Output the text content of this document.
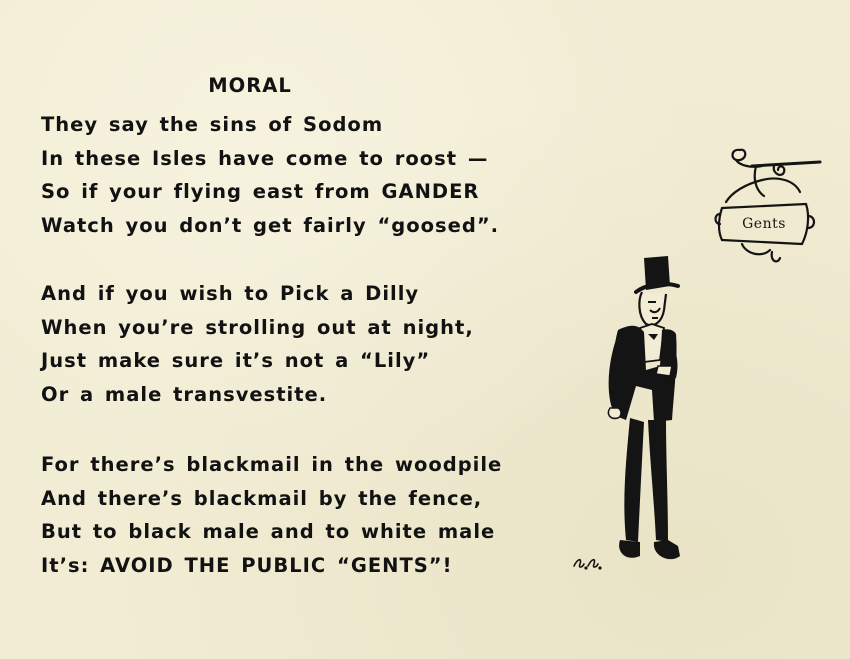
MORAL
They say the sins of Sodom
In these Isles have come to roost —
So if your flying east from GANDER
Watch you don’t get fairly “goosed”.
And if you wish to Pick a Dilly
When you’re strolling out at night,
Just make sure it’s not a “Lily”
Or a male transvestite.
For there’s blackmail in the woodpile
And there’s blackmail by the fence,
But to black male and to white male
It’s: AVOID THE PUBLIC “GENTS”!
Gents
